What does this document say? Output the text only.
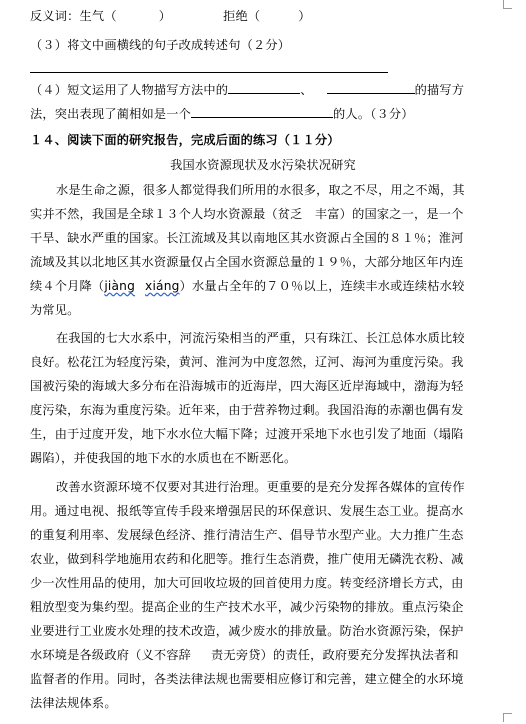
反义词：生气（	）	拒绝（	）
（３）将文中画横线的句子改成转述句（２分）
（４）短文运用了人物描写方法中的	、	的描写方
法，突出表现了蔺相如是一个	的人。（３分）
１４、阅读下面的研究报告，完成后面的练习（１１分）
我国水资源现状及水污染状况研究
水是生命之源，很多人都觉得我们所用的水很多，取之不尽，用之不竭，其
实并不然，我国是全球１３个人均水资源最（贫乏　丰富）的国家之一，是一个
干旱、缺水严重的国家。长江流域及其以南地区其水资源占全国的８１％；淮河
流域及其以北地区其水资源量仅占全国水资源总量的１９％，大部分地区年内连
续４个月降（jiàng xiáng）水量占全年的７０％以上，连续丰水或连续枯水较
为常见。
在我国的七大水系中，河流污染相当的严重，只有珠江、长江总体水质比较
良好。松花江为轻度污染，黄河、淮河为中度忽然，辽河、海河为重度污染。我
国被污染的海域大多分布在沿海城市的近海岸，四大海区近岸海域中，渤海为轻
度污染，东海为重度污染。近年来，由于营养物过剩。我国沿海的赤潮也偶有发
生，由于过度开发，地下水水位大幅下降；过渡开采地下水也引发了地面（塌陷
踢陷），并使我国的地下水的水质也在不断恶化。
改善水资源环境不仅要对其进行治理。更重要的是充分发挥各媒体的宣传作
用。通过电视、报纸等宣传手段来增强居民的环保意识、发展生态工业。提高水
的重复利用率、发展绿色经济、推行清洁生产、倡导节水型产业。大力推广生态
农业，做到科学地施用农药和化肥等。推行生态消费，推广使用无磷洗衣粉、减
少一次性用品的使用，加大可回收垃圾的回首使用力度。转变经济增长方式，由
粗放型变为集约型。提高企业的生产技术水平，减少污染物的排放。重点污染企
业要进行工业废水处理的技术改造，减少废水的排放量。防治水资源污染，保护
水环境是各级政府（义不容辞 责无旁贷）的责任，政府要充分发挥执法者和
监督者的作用。同时，各类法律法规也需要相应修订和完善，建立健全的水环境
法律法规体系。
